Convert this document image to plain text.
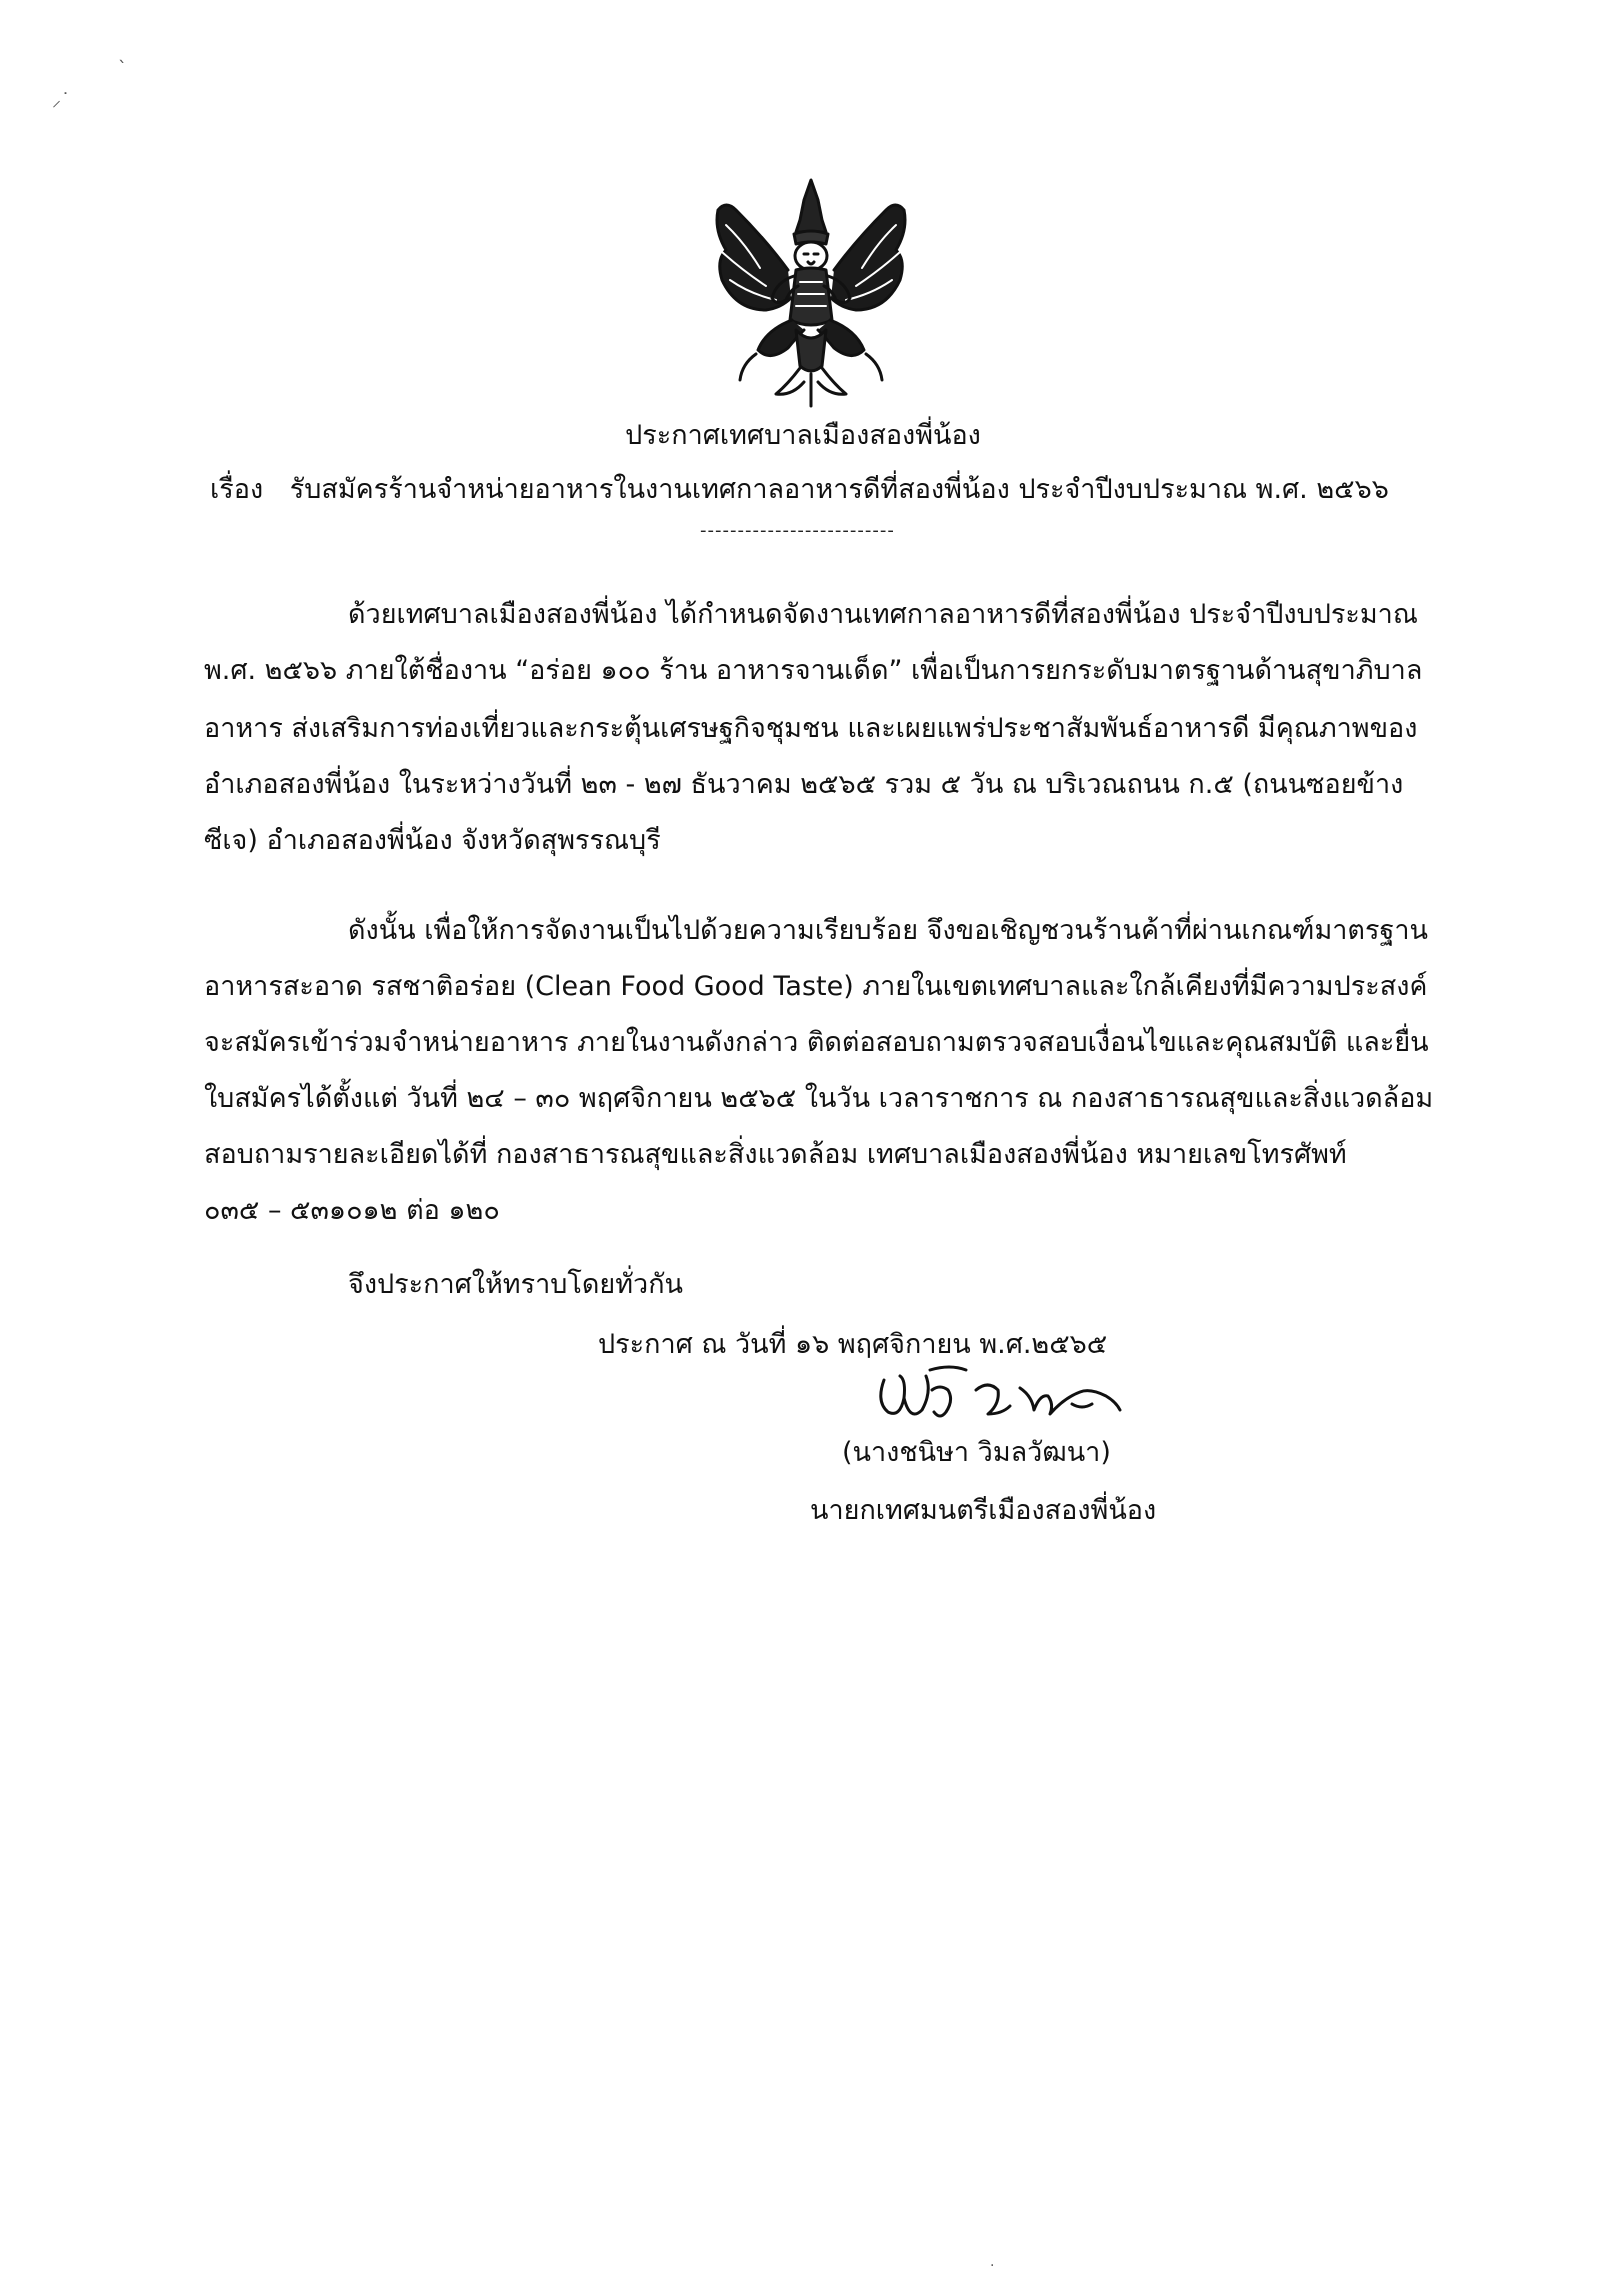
⸝˙
`
ประกาศเทศบาลเมืองสองพี่น้อง
เรื่อง รับสมัครร้านจำหน่ายอาหารในงานเทศกาลอาหารดีที่สองพี่น้อง ประจำปีงบประมาณ พ.ศ. ๒๕๖๖
--------------------------
ด้วยเทศบาลเมืองสองพี่น้อง ได้กำหนดจัดงานเทศกาลอาหารดีที่สองพี่น้อง ประจำปีงบประมาณ
พ.ศ. ๒๕๖๖ ภายใต้ชื่องาน “อร่อย ๑๐๐ ร้าน อาหารจานเด็ด” เพื่อเป็นการยกระดับมาตรฐานด้านสุขาภิบาล
อาหาร ส่งเสริมการท่องเที่ยวและกระตุ้นเศรษฐกิจชุมชน และเผยแพร่ประชาสัมพันธ์อาหารดี มีคุณภาพของ
อำเภอสองพี่น้อง ในระหว่างวันที่ ๒๓ - ๒๗ ธันวาคม ๒๕๖๕ รวม ๕ วัน ณ บริเวณถนน ก.๕ (ถนนซอยข้าง
ซีเจ) อำเภอสองพี่น้อง จังหวัดสุพรรณบุรี
ดังนั้น เพื่อให้การจัดงานเป็นไปด้วยความเรียบร้อย จึงขอเชิญชวนร้านค้าที่ผ่านเกณฑ์มาตรฐาน
อาหารสะอาด รสชาติอร่อย (Clean Food Good Taste) ภายในเขตเทศบาลและใกล้เคียงที่มีความประสงค์
จะสมัครเข้าร่วมจำหน่ายอาหาร ภายในงานดังกล่าว ติดต่อสอบถามตรวจสอบเงื่อนไขและคุณสมบัติ และยื่น
ใบสมัครได้ตั้งแต่ วันที่ ๒๔ – ๓๐ พฤศจิกายน ๒๕๖๕ ในวัน เวลาราชการ ณ กองสาธารณสุขและสิ่งแวดล้อม
สอบถามรายละเอียดได้ที่ กองสาธารณสุขและสิ่งแวดล้อม เทศบาลเมืองสองพี่น้อง หมายเลขโทรศัพท์
๐๓๕ – ๕๓๑๐๑๒ ต่อ ๑๒๐
จึงประกาศให้ทราบโดยทั่วกัน
ประกาศ ณ วันที่ ๑๖ พฤศจิกายน พ.ศ.๒๕๖๕
(นางชนิษา วิมลวัฒนา)
นายกเทศมนตรีเมืองสองพี่น้อง
·
